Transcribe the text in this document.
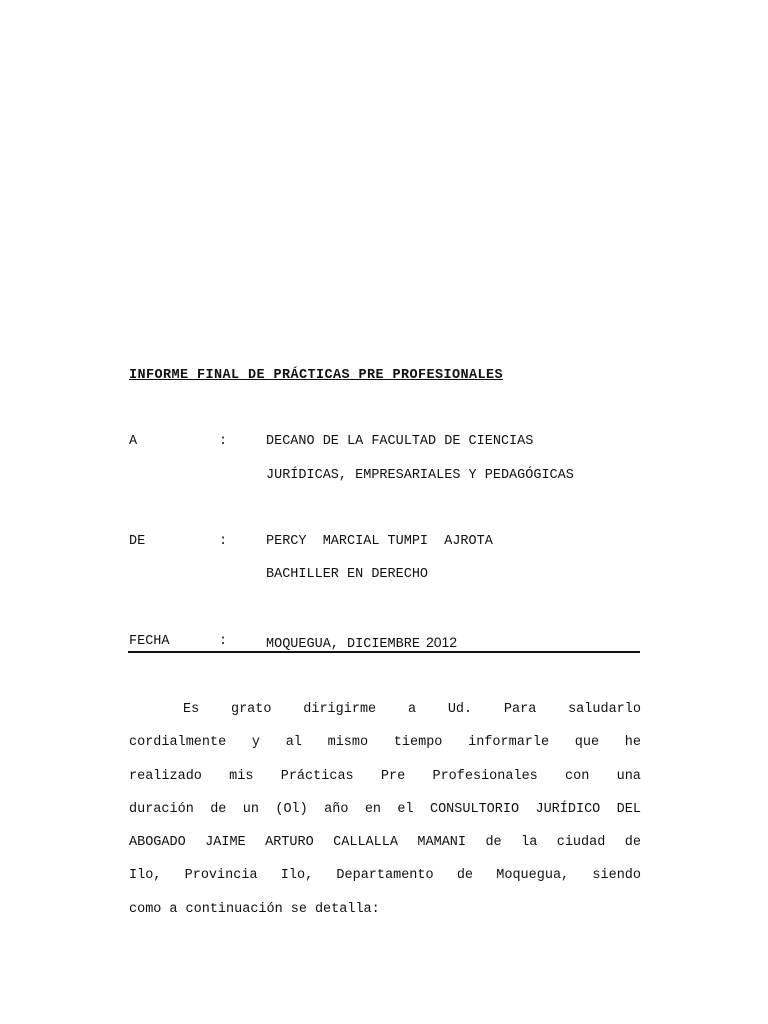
INFORME FINAL DE PRÁCTICAS PRE PROFESIONALES
A	:	DECANO DE LA FACULTAD DE CIENCIAS
JURÍDICAS, EMPRESARIALES Y PEDAGÓGICAS
DE	:	PERCY  MARCIAL TUMPI  AJROTA
BACHILLER EN DERECHO
FECHA	:	MOQUEGUA, DICIEMBRE 2012
Es grato dirigirme a Ud. Para saludarlo
cordialmente y al mismo tiempo informarle que he
realizado mis Prácticas Pre Profesionales con una
duración de un (Ol) año en el CONSULTORIO JURÍDICO DEL
ABOGADO JAIME ARTURO CALLALLA MAMANI de la ciudad de
Ilo, Provincia Ilo, Departamento de Moquegua, siendo
como a continuación se detalla:
